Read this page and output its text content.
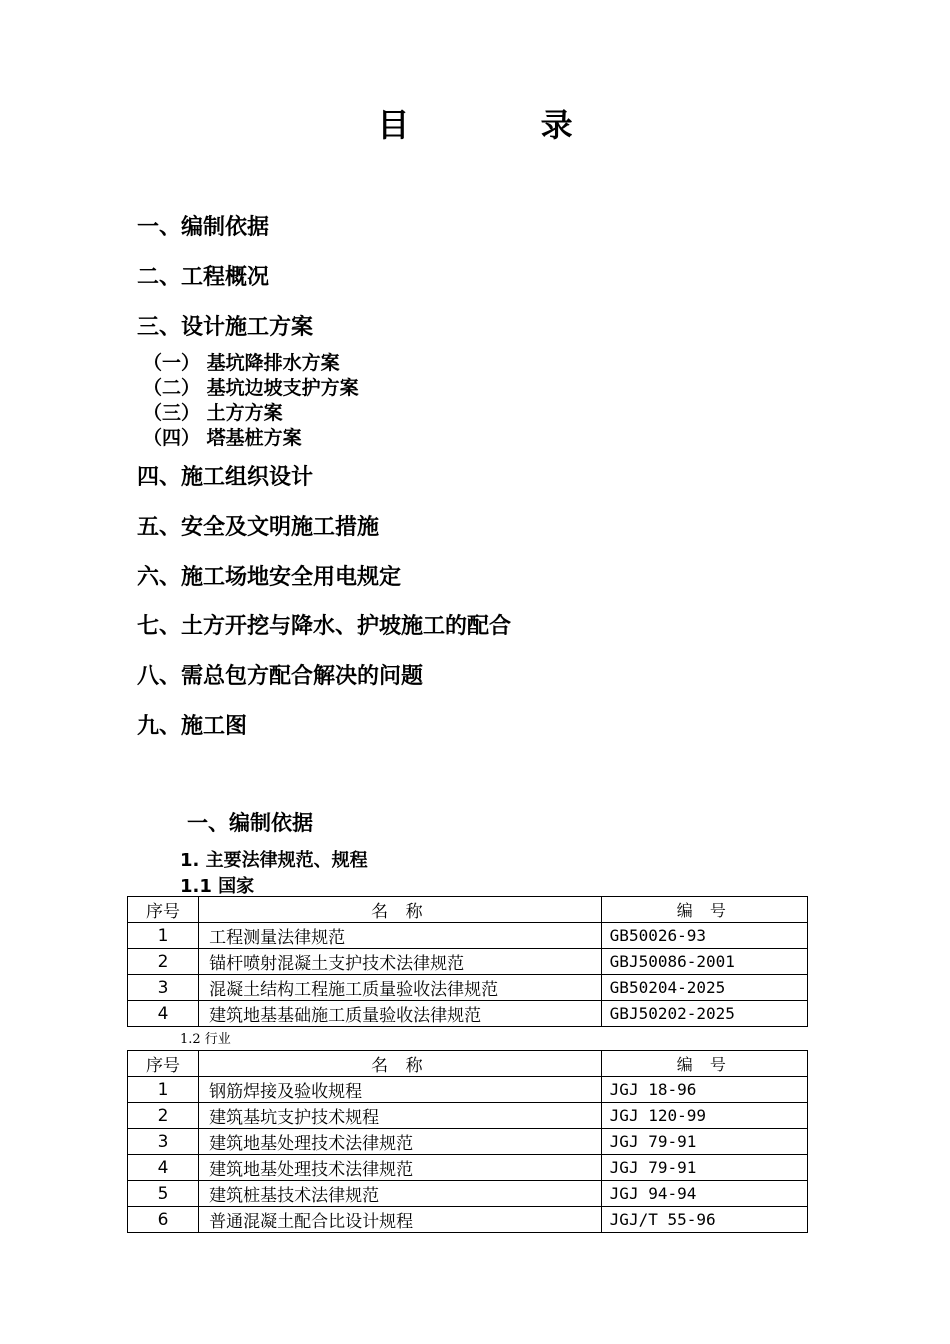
目 录
一、编制依据
二、工程概况
三、设计施工方案
（一） 基坑降排水方案
（二） 基坑边坡支护方案
（三） 土方方案
（四） 塔基桩方案
四、施工组织设计
五、安全及文明施工措施
六、施工场地安全用电规定
七、土方开挖与降水、护坡施工的配合
八、需总包方配合解决的问题
九、施工图
一、编制依据
1. 主要法律规范、规程
1.1 国家
序号	名 称	编 号
1	工程测量法律规范	GB50026-93
2	锚杆喷射混凝土支护技术法律规范	GBJ50086-2001
3	混凝土结构工程施工质量验收法律规范	GB50204-2025
4	建筑地基基础施工质量验收法律规范	GBJ50202-2025
1.2 行业
序号	名 称	编 号
1	钢筋焊接及验收规程	JGJ 18-96
2	建筑基坑支护技术规程	JGJ 120-99
3	建筑地基处理技术法律规范	JGJ 79-91
4	建筑地基处理技术法律规范	JGJ 79-91
5	建筑桩基技术法律规范	JGJ 94-94
6	普通混凝土配合比设计规程	JGJ/T 55-96
